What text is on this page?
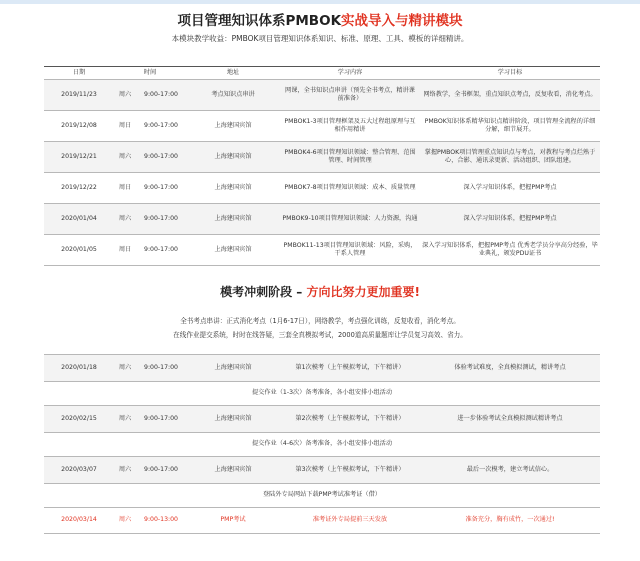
项目管理知识体系PMBOK实战导入与精讲模块
本模块教学收益：PMBOK项目管理知识体系知识、标准、原理、工具、模板的详细精讲。
日期	时间		地址	学习内容	学习目标
2019/11/23	周六	9:00-17:00	考点知识点串讲	网课，全书知识点串讲（预先全书考点，精讲课前准备）	网络教学，全书框架，重点知识点考点，反复收看，消化考点。
2019/12/08	周日	9:00-17:00	上海建国宾馆	PMBOK1-3项目管理框架及五大过程组原理与互相作用精讲	PMBOK知识体系精华知识点精讲阶段，项目管理全流程的详细分解，细节展开。
2019/12/21	周六	9:00-17:00	上海建国宾馆	PMBOK4-6项目管理知识领域：整合管理、范围管理、时间管理	掌握PMBOK项目管理重点知识点与考点，对教程与考点烂熟于心，合影、通讯录更新、活动组织、团队组建。
2019/12/22	周日	9:00-17:00	上海建国宾馆	PMBOK7-8项目管理知识领域：成本、质量管理	深入学习知识体系，把握PMP考点
2020/01/04	周六	9:00-17:00	上海建国宾馆	PMBOK9-10项目管理知识领域：人力资源，沟通	深入学习知识体系，把握PMP考点
2020/01/05	周日	9:00-17:00	上海建国宾馆	PMBOK11-13项目管理知识领域：风险，采购，干系人管理	深入学习知识体系，把握PMP考点 优秀老学员分享高分经验，毕业典礼，颁发PDU证书
模考冲刺阶段 – 方向比努力更加重要!
全书考点串讲：正式消化考点（1月6-17日），网络教学，考点强化训练，反复收看，消化考点。
在线作业提交系统，时时在线答疑，三套全真模拟考试，2000道高质量题库让学员复习高效、省力。
2020/01/18	周六	9:00-17:00	上海建国宾馆	第1次模考（上午模拟考试，下午精讲）	体验考试难度，全真模拟测试，精讲考点
提交作业（1-3次）备考准备，各小组安排小组活动					
2020/02/15	周六	9:00-17:00	上海建国宾馆	第2次模考（上午模拟考试，下午精讲）	进一步体验考试全真模拟测试精讲考点
提交作业（4-6次）备考准备，各小组安排小组活动					
2020/03/07	周六	9:00-17:00	上海建国宾馆	第3次模考（上午模拟考试，下午精讲）	最后一次模考，建立考试信心。
登陆外专局网站下载PMP考试准考证（借）					
2020/03/14	周六	9:00-13:00	PMP考试	准考证外专局提前三天发放	准备充分，胸有成竹，一次通过!
